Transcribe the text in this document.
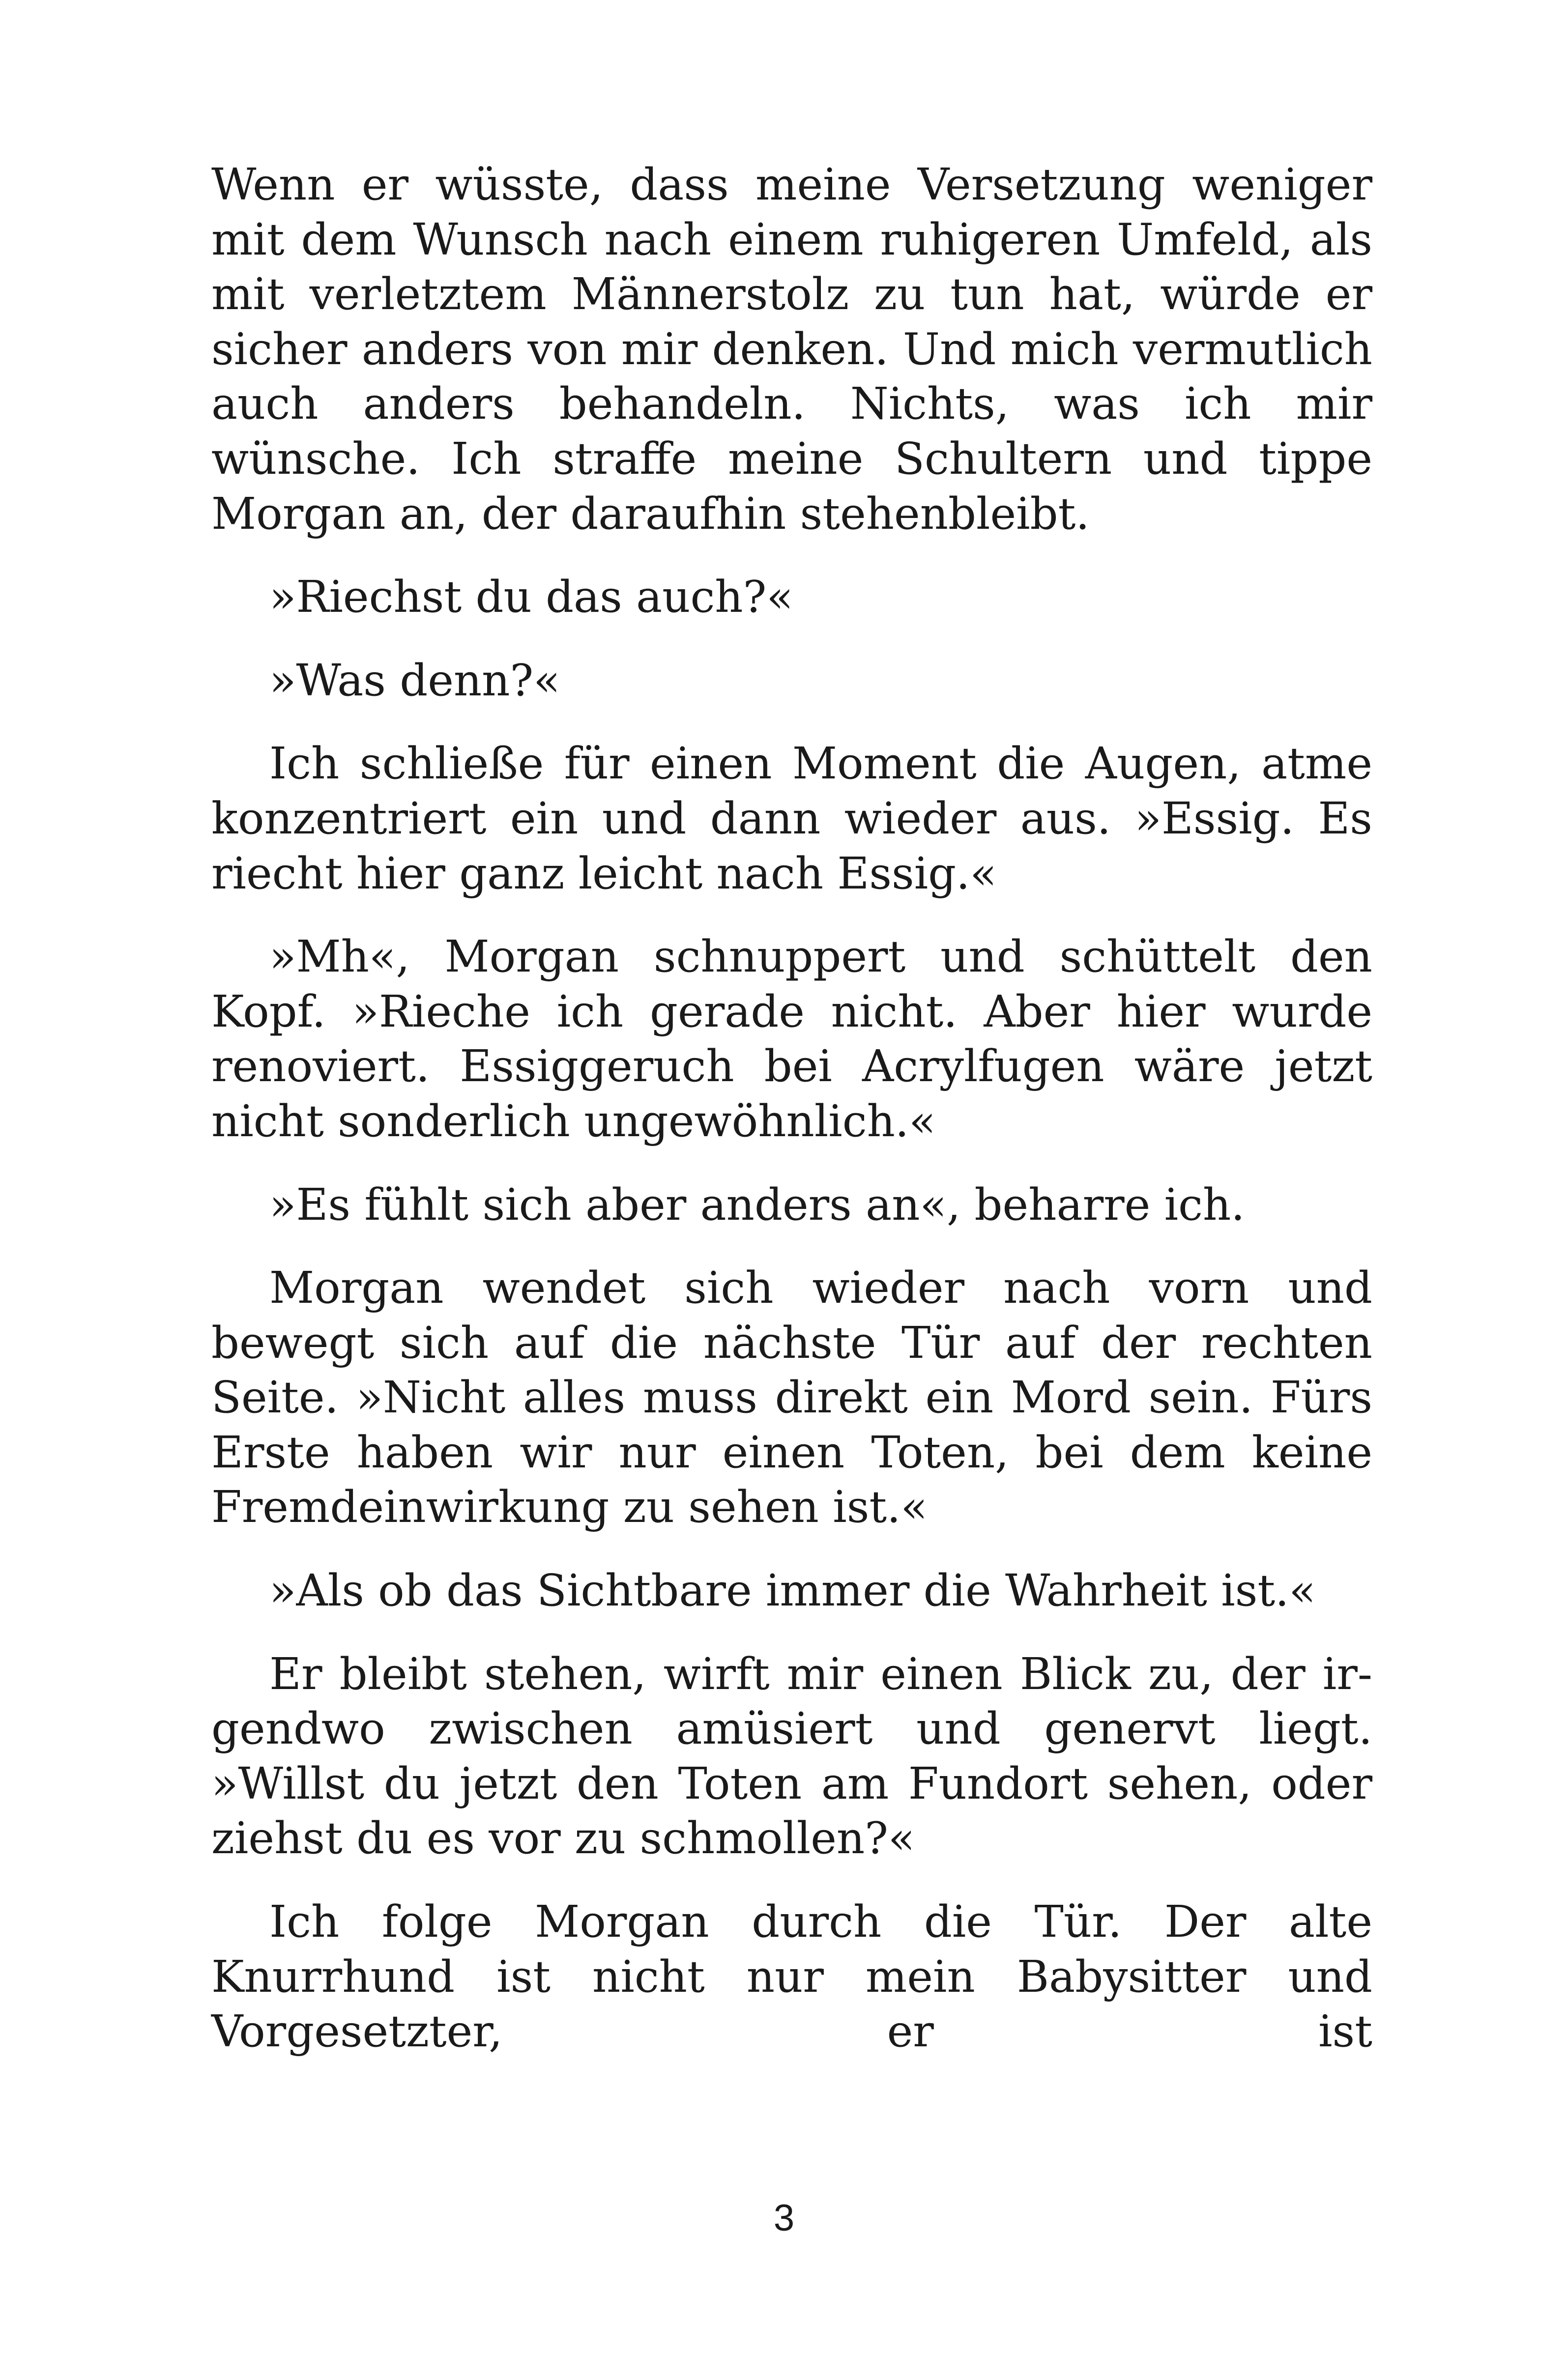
Wenn er wüsste, dass meine Versetzung weniger mit dem Wunsch nach einem ruhigeren Umfeld, als mit verletztem Männerstolz zu tun hat, würde er sicher anders von mir denken. Und mich vermutlich auch anders behandeln. Nichts, was ich mir wünsche. Ich straffe meine Schultern und tippe Morgan an, der daraufhin stehenbleibt.

»Riechst du das auch?«

»Was denn?«

Ich schließe für einen Moment die Augen, atme konzentriert ein und dann wieder aus. »Essig. Es riecht hier ganz leicht nach Essig.«

»Mh«, Morgan schnuppert und schüttelt den Kopf. »Rieche ich gerade nicht. Aber hier wurde renoviert. Essiggeruch bei Acrylfugen wäre jetzt nicht sonderlich ungewöhnlich.«

»Es fühlt sich aber anders an«, beharre ich.

Morgan wendet sich wieder nach vorn und bewegt sich auf die nächste Tür auf der rechten Seite. »Nicht alles muss direkt ein Mord sein. Fürs Erste haben wir nur einen Toten, bei dem keine Fremdeinwirkung zu sehen ist.«

»Als ob das Sichtbare immer die Wahrheit ist.«

Er bleibt stehen, wirft mir einen Blick zu, der irgendwo zwischen amüsiert und genervt liegt. »Willst du jetzt den Toten am Fundort sehen, oder ziehst du es vor zu schmollen?«

Ich folge Morgan durch die Tür. Der alte Knurrhund ist nicht nur mein Babysitter und Vorgesetzter, er ist

3
